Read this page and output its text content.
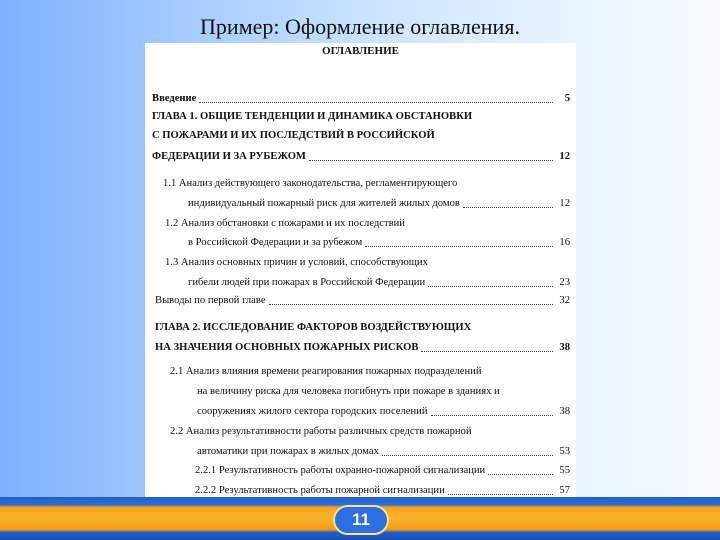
Пример: Оформление оглавления.
ОГЛАВЛЕНИЕ
Введение	5
ГЛАВА 1. ОБЩИЕ ТЕНДЕНЦИИ И ДИНАМИКА ОБСТАНОВКИ
С ПОЖАРАМИ И ИХ ПОСЛЕДСТВИЙ В РОССИЙСКОЙ
ФЕДЕРАЦИИ И ЗА РУБЕЖОМ	12
1.1 Анализ действующего законодательства, регламентирующего
индивидуальный пожарный риск для жителей жилых домов	12
1.2 Анализ обстановки с пожарами и их последствий
в Российской Федерации и за рубежом	16
1.3 Анализ основных причин и условий, способствующих
гибели людей при пожарах в Российской Федерации	23
Выводы по первой главе	32
ГЛАВА 2. ИССЛЕДОВАНИЕ ФАКТОРОВ ВОЗДЕЙСТВУЮЩИХ
НА ЗНАЧЕНИЯ ОСНОВНЫХ ПОЖАРНЫХ РИСКОВ	38
2.1 Анализ влияния времени реагирования пожарных подразделений
на величину риска для человека погибнуть при пожаре в зданиях и
сооружениях жилого сектора городских поселений	38
2.2 Анализ результативности работы различных средств пожарной
автоматики при пожарах в жилых домах	53
2.2.1 Результативность работы охранно-пожарной сигнализации	55
2.2.2 Результативность работы пожарной сигнализации	57
11
